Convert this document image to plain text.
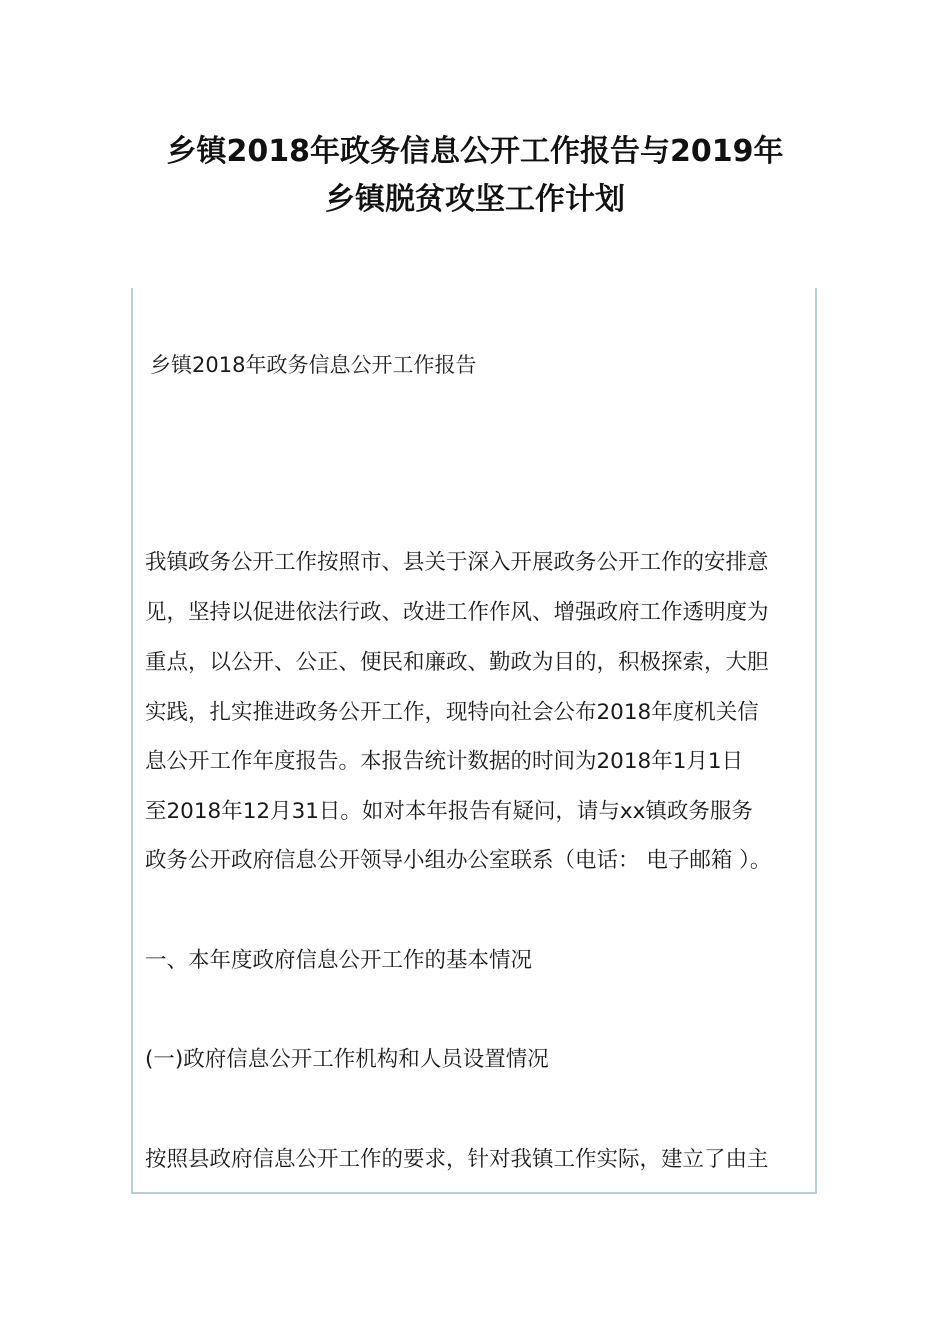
乡镇2018年政务信息公开工作报告与2019年
乡镇脱贫攻坚工作计划
乡镇2018年政务信息公开工作报告
我镇政务公开工作按照市、县关于深入开展政务公开工作的安排意
见，坚持以促进依法行政、改进工作作风、增强政府工作透明度为
重点，以公开、公正、便民和廉政、勤政为目的，积极探索，大胆
实践，扎实推进政务公开工作，现特向社会公布2018年度机关信
息公开工作年度报告。本报告统计数据的时间为2018年1月1日
至2018年12月31日。如对本年报告有疑问，请与xx镇政务服务
政务公开政府信息公开领导小组办公室联系（电话： 电子邮箱 ）。
一、本年度政府信息公开工作的基本情况
(一)政府信息公开工作机构和人员设置情况
按照县政府信息公开工作的要求，针对我镇工作实际，建立了由主
